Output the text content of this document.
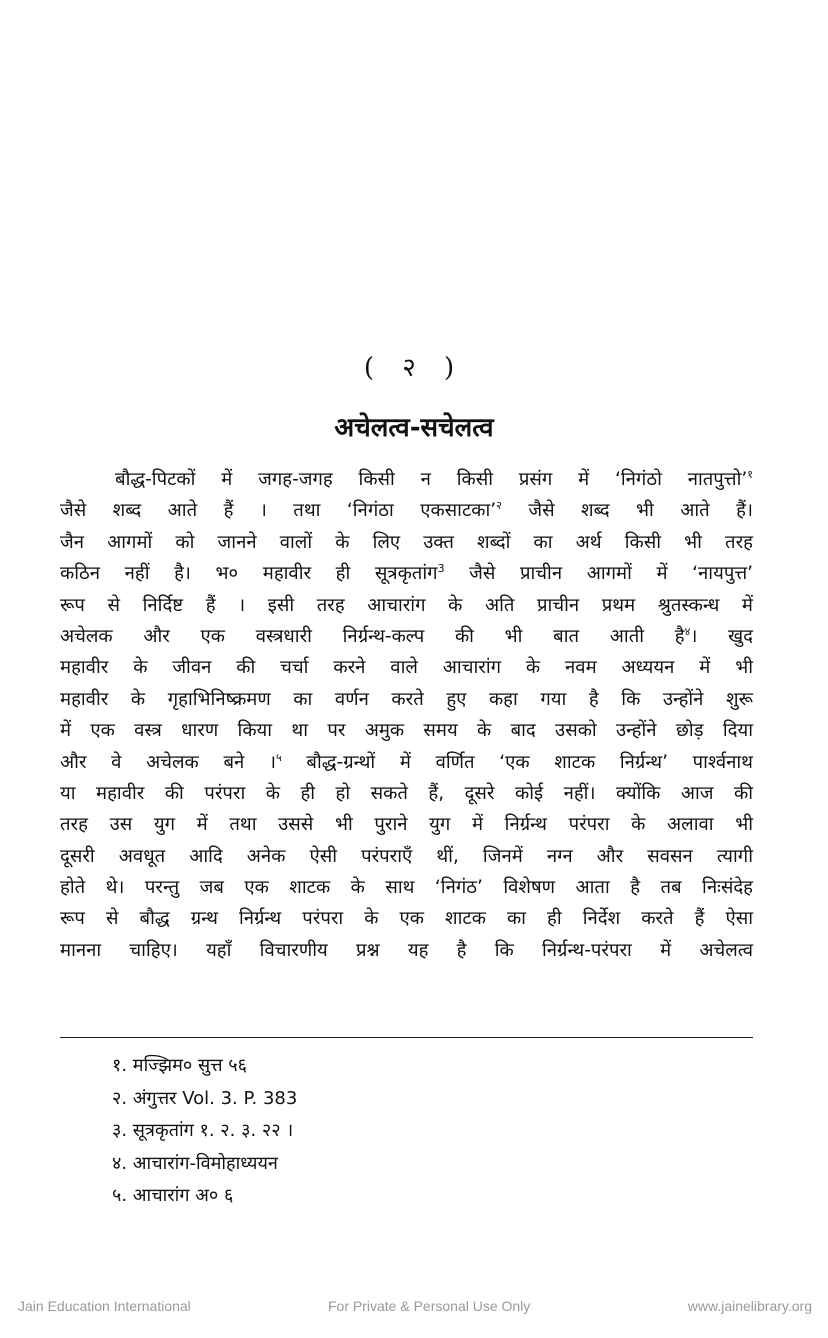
( २ )
अचेलत्व-सचेलत्व
बौद्ध-पिटकों में जगह-जगह किसी न किसी प्रसंग में ‘निगंठो नातपुत्तो’$^१$
जैसे शब्द आते हैं । तथा ‘निगंठा एकसाटका’$^२$ जैसे शब्द भी आते हैं।
जैन आगमों को जानने वालों के लिए उक्त शब्दों का अर्थ किसी भी तरह
कठिन नहीं है। भ० महावीर ही सूत्रकृतांग$^3$ जैसे प्राचीन आगमों में ‘नायपुत्त’
रूप से निर्दिष्ट हैं । इसी तरह आचारांग के अति प्राचीन प्रथम श्रुतस्कन्ध में
अचेलक और एक वस्त्रधारी निर्ग्रन्थ-कल्प की भी बात आती है$^४$। खुद
महावीर के जीवन की चर्चा करने वाले आचारांग के नवम अध्ययन में भी
महावीर के गृहाभिनिष्क्रमण का वर्णन करते हुए कहा गया है कि उन्होंने शुरू
में एक वस्त्र धारण किया था पर अमुक समय के बाद उसको उन्होंने छोड़ दिया
और वे अचेलक बने ।$^५$ बौद्ध-ग्रन्थों में वर्णित ‘एक शाटक निर्ग्रन्थ’ पार्श्वनाथ
या महावीर की परंपरा के ही हो सकते हैं, दूसरे कोई नहीं। क्योंकि आज की
तरह उस युग में तथा उससे भी पुराने युग में निर्ग्रन्थ परंपरा के अलावा भी
दूसरी अवधूत आदि अनेक ऐसी परंपराएँ थीं, जिनमें नग्न और सवसन त्यागी
होते थे। परन्तु जब एक शाटक के साथ ‘निगंठ’ विशेषण आता है तब निःसंदेह
रूप से बौद्ध ग्रन्थ निर्ग्रन्थ परंपरा के एक शाटक का ही निर्देश करते हैं ऐसा
मानना चाहिए। यहाँ विचारणीय प्रश्न यह है कि निर्ग्रन्थ-परंपरा में अचेलत्व
१. मज्झिम० सुत्त ५६
२. अंगुत्तर Vol. 3. P. 383
३. सूत्रकृतांग १. २. ३. २२ ।
४. आचारांग-विमोहाध्ययन
५. आचारांग अ० ६
Jain Education International	For Private & Personal Use Only	www.jainelibrary.org
